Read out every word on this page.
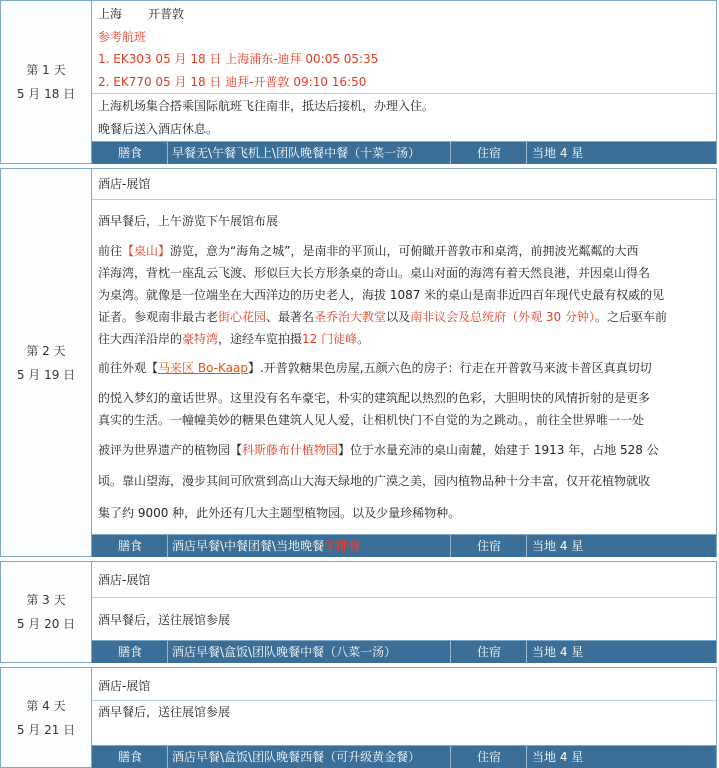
第 1 天
5 月 18 日
上海 开普敦
参考航班
1. EK303 05 月 18 日 上海浦东-迪拜 00:05 05:35
2. EK770 05 月 18 日 迪拜-开普敦 09:10 16:50
上海机场集合搭乘国际航班飞往南非，抵达后接机，办理入住。
晚餐后送入酒店休息。
膳食 早餐无\午餐飞机上\团队晚餐中餐（十菜一汤）	住宿	当地 4 星
第 2 天
5 月 19 日
酒店-展馆
酒早餐后，上午游览下午展馆布展
前往【桌山】游览，意为“海角之城”，是南非的平顶山，可俯瞰开普敦市和桌湾，前拥波光粼粼的大西
洋海湾，背枕一座乱云飞渡、形似巨大长方形条桌的奇山。桌山对面的海湾有着天然良港，并因桌山得名
为桌湾。就像是一位端坐在大西洋边的历史老人，海拔 1087 米的桌山是南非近四百年现代史最有权威的见
证者。参观南非最古老街心花园、最著名圣乔治大教堂以及南非议会及总统府（外观 30 分钟）。之后驱车前
往大西洋沿岸的豪特湾，途经车览拍摄12 门徒峰。
前往外观【马来区 Bo-Kaap】.开普敦糖果色房屋,五颜六色的房子：行走在开普敦马来波卡普区真真切切
的悦入梦幻的童话世界。这里没有名车豪宅，朴实的建筑配以热烈的色彩，大胆明快的风情折射的是更多
真实的生活。一幢幢美妙的糖果色建筑人见人爱，让相机快门不自觉的为之跳动。，前往全世界唯一一处
被评为世界遗产的植物园【科斯藤布什植物园】位于水量充沛的桌山南麓，始建于 1913 年，占地 528 公
顷。靠山望海，漫步其间可欣赏到高山大海天绿地的广漠之美，园内植物品种十分丰富，仅开花植物就收
集了约 9000 种，此外还有几大主题型植物园。以及少量珍稀物种。
膳食 酒店早餐\中餐团餐\当地晚餐牛排餐	住宿	当地 4 星
第 3 天
5 月 20 日
酒店-展馆
酒早餐后，送往展馆参展
膳食 酒店早餐\盒饭\团队晚餐中餐（八菜一汤）	住宿	当地 4 星
第 4 天
5 月 21 日
酒店-展馆
酒早餐后，送往展馆参展
膳食 酒店早餐\盒饭\团队晚餐西餐（可升级黄金餐）	住宿	当地 4 星
